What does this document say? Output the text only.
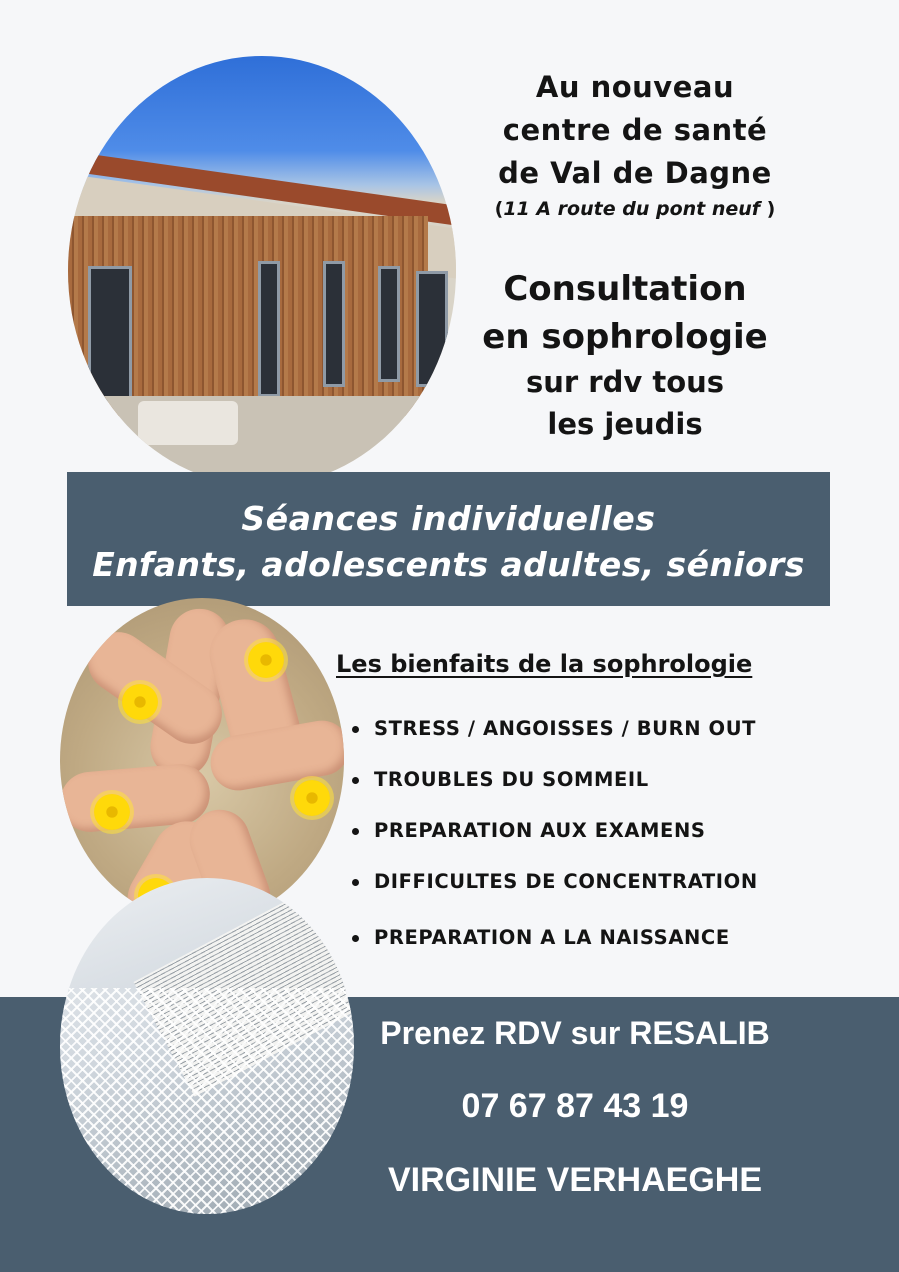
Au nouveau
centre de santé
de Val de Dagne
(11 A route du pont neuf )
Consultation
en sophrologie
sur rdv tous
les jeudis
Séances individuelles
Enfants, adolescents adultes, séniors
Les bienfaits de la sophrologie
STRESS / ANGOISSES / BURN OUT
TROUBLES DU SOMMEIL
PREPARATION AUX EXAMENS
DIFFICULTES DE CONCENTRATION
PREPARATION A LA NAISSANCE
Prenez RDV sur RESALIB
07 67 87 43 19
VIRGINIE VERHAEGHE
